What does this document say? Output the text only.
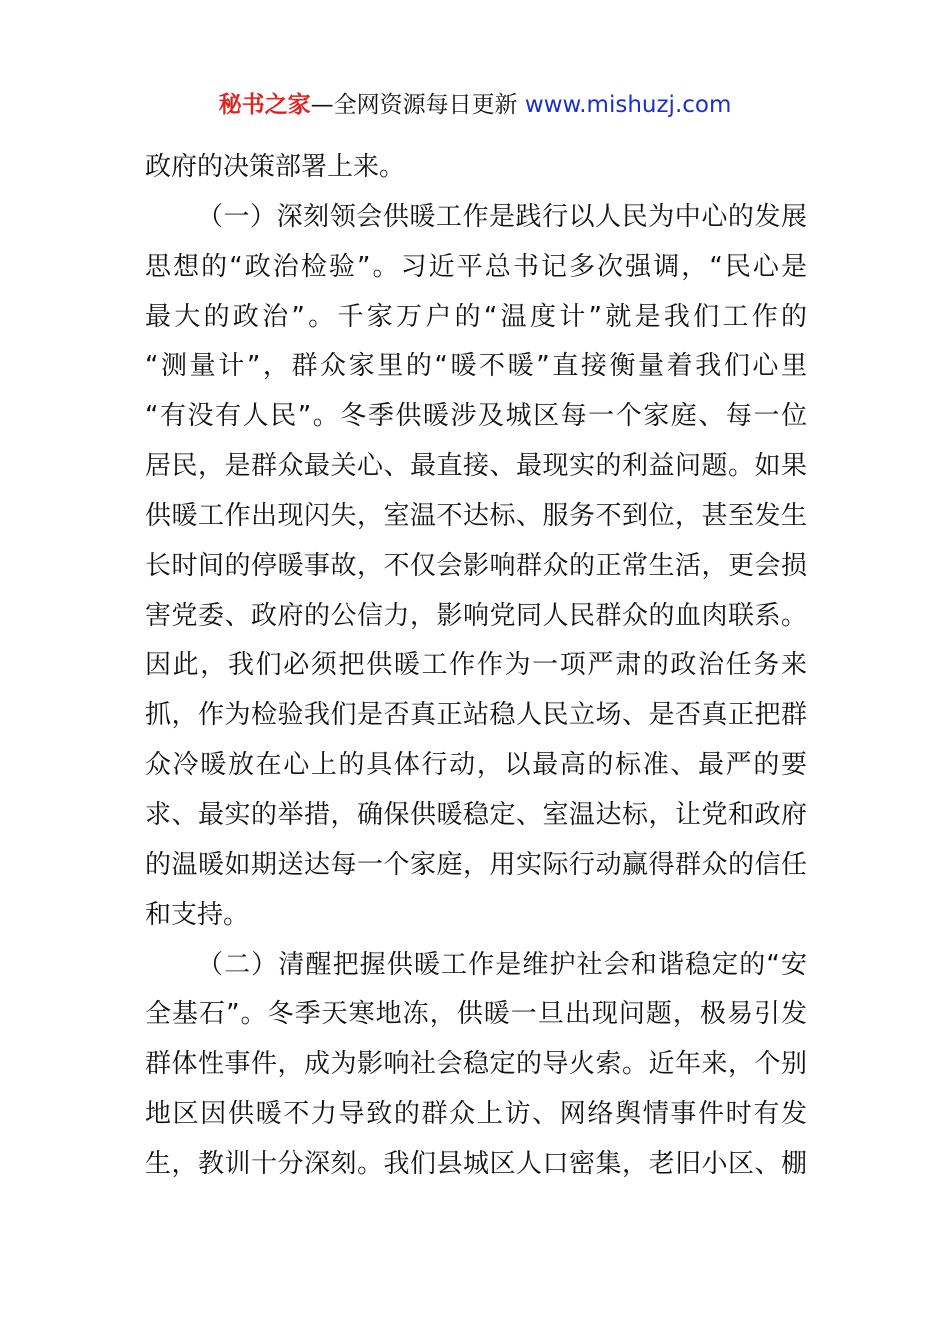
秘书之家—全网资源每日更新 www.mishuzj.com
政府的决策部署上来。
（一）深刻领会供暖工作是践行以人民为中心的发展
思想的“政治检验”。习近平总书记多次强调，“民心是
最大的政治”。千家万户的“温度计”就是我们工作的
“测量计”，群众家里的“暖不暖”直接衡量着我们心里
“有没有人民”。冬季供暖涉及城区每一个家庭、每一位
居民，是群众最关心、最直接、最现实的利益问题。如果
供暖工作出现闪失，室温不达标、服务不到位，甚至发生
长时间的停暖事故，不仅会影响群众的正常生活，更会损
害党委、政府的公信力，影响党同人民群众的血肉联系。
因此，我们必须把供暖工作作为一项严肃的政治任务来
抓，作为检验我们是否真正站稳人民立场、是否真正把群
众冷暖放在心上的具体行动，以最高的标准、最严的要
求、最实的举措，确保供暖稳定、室温达标，让党和政府
的温暖如期送达每一个家庭，用实际行动赢得群众的信任
和支持。
（二）清醒把握供暖工作是维护社会和谐稳定的“安
全基石”。冬季天寒地冻，供暖一旦出现问题，极易引发
群体性事件，成为影响社会稳定的导火索。近年来，个别
地区因供暖不力导致的群众上访、网络舆情事件时有发
生，教训十分深刻。我们县城区人口密集，老旧小区、棚
